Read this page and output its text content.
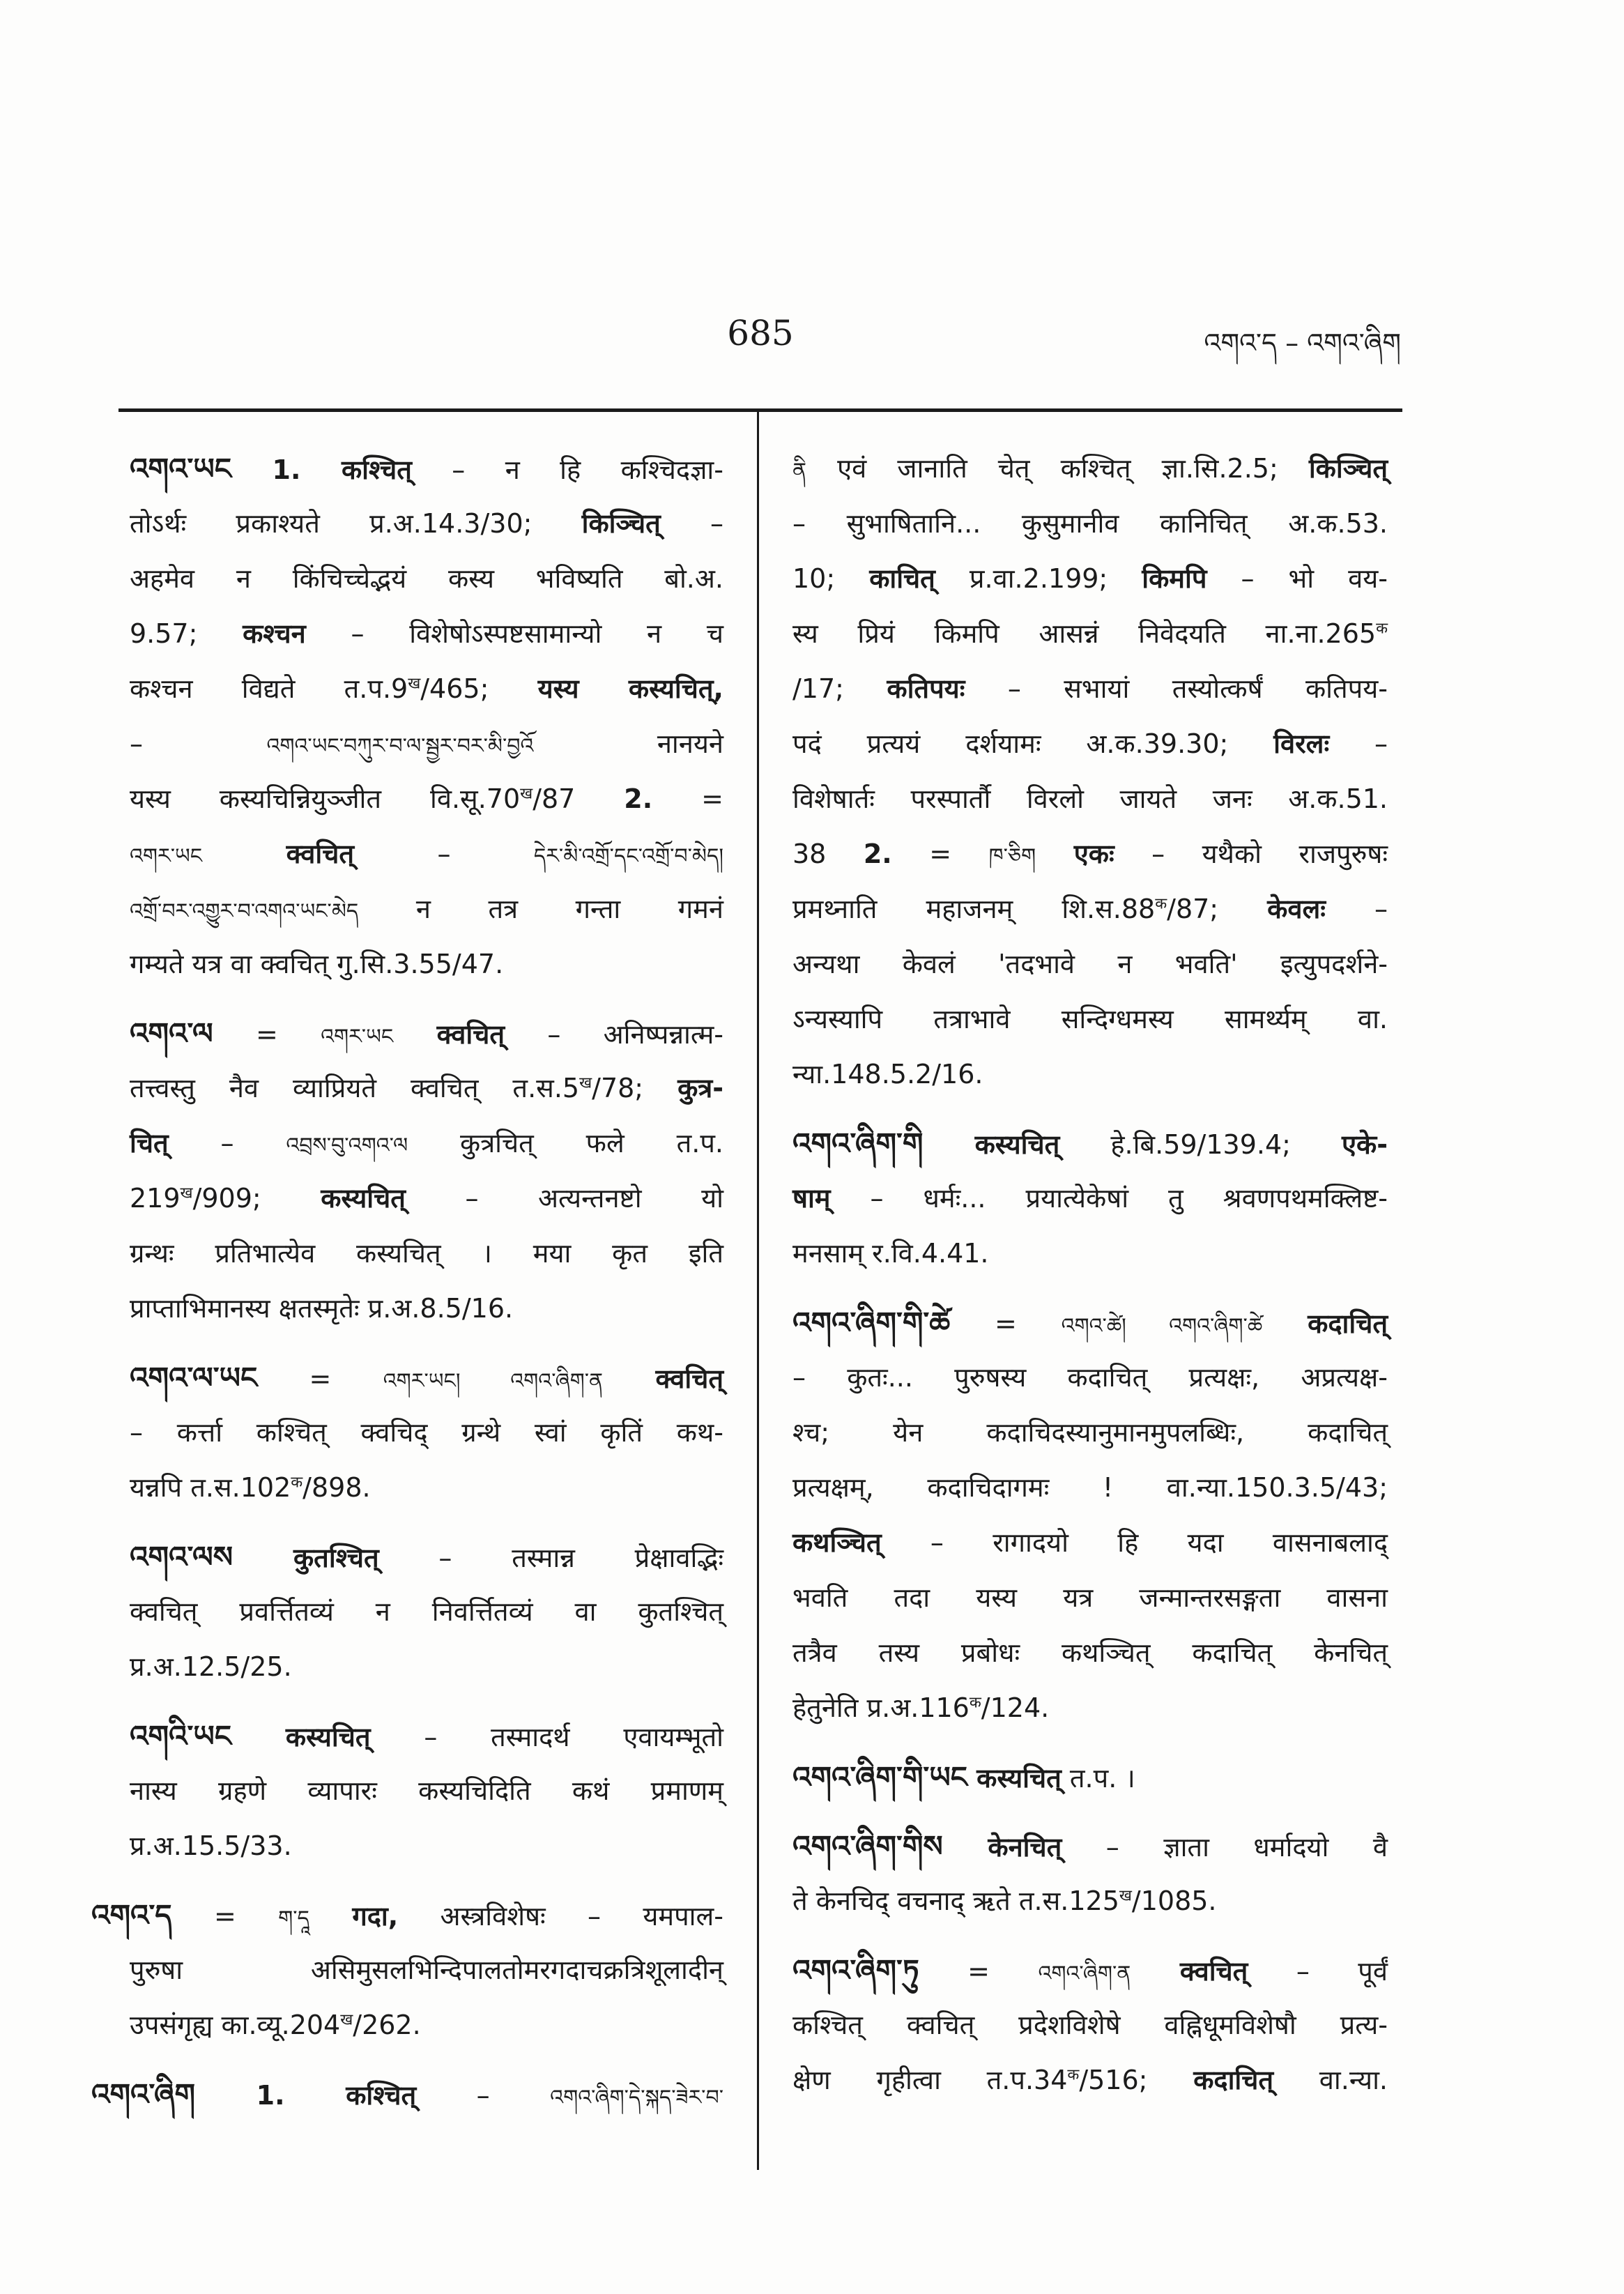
685	འགའ་ད – འགའ་ཞིག
འགའ་ཡང 1. कश्चित् – न हि कश्चिदज्ञा-
तोऽर्थः प्रकाश्यते प्र.अ.14.3/30; किञ्चित् –
अहमेव न किंचिच्चेद्भयं कस्य भविष्यति बो.अ.
9.57; कश्चन – विशेषोऽस्पष्टसामान्यो न च
कश्चन विद्यते $त.प.9^ख/465$; यस्य कस्यचित्,
– འགའ་ཡང་བཀུར་བ་ལ་སྦྱར་བར་མི་བྱའོ नानयने
यस्य कस्यचिन्नियुञ्जीत $वि.सू.70^ख/87$ 2. =
འགར་ཡང क्वचित् – དེར་མི་འགྲོ་དང་འགྲོ་བ་མེད།
འགྲོ་བར་འགྱུར་བ་འགའ་ཡང་མེད न तत्र गन्ता गमनं
गम्यते यत्र वा क्वचित् गु.सि.3.55/47.
འགའ་ལ = འགར་ཡང क्वचित् – अनिष्पन्नात्म-
तत्त्वस्तु नैव व्याप्रियते क्वचित् $त.स.5^ख/78$; कुत्र-
चित् – འབྲས་བུ་འགའ་ལ कुत्रचित् फले त.प.
$219^ख/909$; कस्यचित् – अत्यन्तनष्टो यो
ग्रन्थः प्रतिभात्येव कस्यचित् । मया कृत इति
प्राप्ताभिमानस्य क्षतस्मृतेः प्र.अ.8.5/16.
འགའ་ལ་ཡང = འགར་ཡང། འགའ་ཞིག་ན क्वचित्
– कर्त्ता कश्चित् क्वचिद् ग्रन्थे स्वां कृतिं कथ-
यन्नपि $त.स.102^क/898$.
འགའ་ལས कुतश्चित् – तस्मान्न प्रेक्षावद्भिः
क्वचित् प्रवर्त्तितव्यं न निवर्त्तितव्यं वा कुतश्चित्
प्र.अ.12.5/25.
འགའི་ཡང कस्यचित् – तस्मादर्थ एवायम्भूतो
नास्य ग्रहणे व्यापारः कस्यचिदिति कथं प्रमाणम्
प्र.अ.15.5/33.
འགའ་ད = ག་དཱ गदा, अस्त्रविशेषः – यमपाल-
पुरुषा असिमुसलभिन्दिपालतोमरगदाचक्रत्रिशूलादीन्
उपसंगृह्य $का.व्यू.204^ख/262$.
འགའ་ཞིག 1. कश्चित् – འགའ་ཞིག་དེ་སྐད་ཟེར་བ་
ནི एवं जानाति चेत् कश्चित् ज्ञा.सि.2.5; किञ्चित्
– सुभाषितानि... कुसुमानीव कानिचित् अ.क.53.
10; काचित् प्र.वा.2.199; किमपि – भो वय-
स्य प्रियं किमपि आसन्नं निवेदयति $ना.ना.265^क$
/17; कतिपयः – सभायां तस्योत्कर्षं कतिपय-
पदं प्रत्ययं दर्शयामः अ.क.39.30; विरलः –
विशेषार्तः परस्पार्तौ विरलो जायते जनः अ.क.51.
38 2. = ཁ་ཅིག एकः – यथैको राजपुरुषः
प्रमथ्नाति महाजनम् $शि.स.88^क/87$; केवलः –
अन्यथा केवलं 'तदभावे न भवति' इत्युपदर्शने-
ऽन्यस्यापि तत्राभावे सन्दिग्धमस्य सामर्थ्यम् वा.
न्या.148.5.2/16.
འགའ་ཞིག་གི कस्यचित् हे.बि.59/139.4; एके-
षाम् – धर्मः... प्रयात्येकेषां तु श्रवणपथमक्लिष्ट-
मनसाम् र.वि.4.41.
འགའ་ཞིག་གི་ཚེ = འགའ་ཚེ། འགའ་ཞིག་ཚེ कदाचित्
– कुतः... पुरुषस्य कदाचित् प्रत्यक्षः, अप्रत्यक्ष-
श्च; येन कदाचिदस्यानुमानमुपलब्धिः, कदाचित्
प्रत्यक्षम्, कदाचिदागमः ! वा.न्या.150.3.5/43;
कथञ्चित् – रागादयो हि यदा वासनाबलाद्
भवति तदा यस्य यत्र जन्मान्तरसङ्गता वासना
तत्रैव तस्य प्रबोधः कथञ्चित् कदाचित् केनचित्
हेतुनेति $प्र.अ.116^क/124$.
འགའ་ཞིག་གི་ཡང कस्यचित् त.प. ।
འགའ་ཞིག་གིས केनचित् – ज्ञाता धर्मादयो वै
ते केनचिद् वचनाद् ऋते $त.स.125^ख/1085$.
འགའ་ཞིག་ཏུ = འགའ་ཞིག་ན क्वचित् – पूर्वं
कश्चित् क्वचित् प्रदेशविशेषे वह्निधूमविशेषौ प्रत्य-
क्षेण गृहीत्वा $त.प.34^क/516$; कदाचित् वा.न्या.
